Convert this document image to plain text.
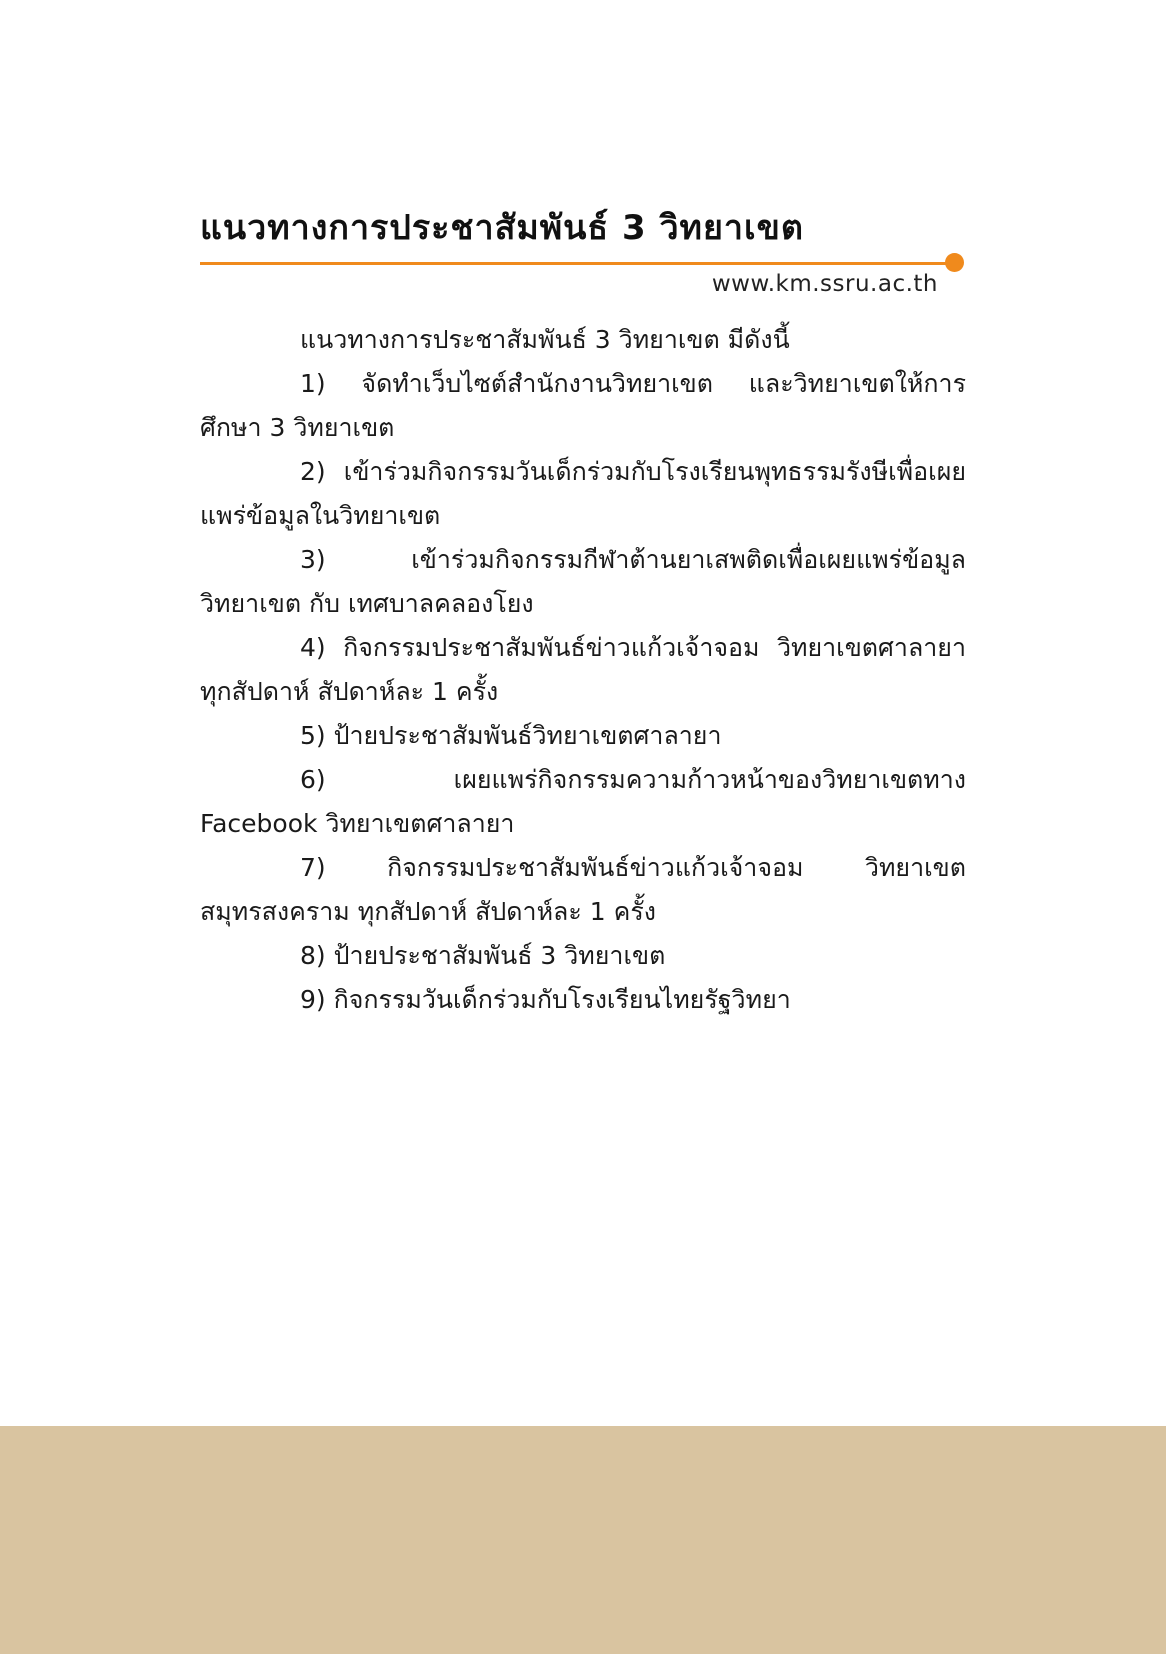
แนวทางการประชาสัมพันธ์ 3 วิทยาเขต
www.km.ssru.ac.th

แนวทางการประชาสัมพันธ์ 3 วิทยาเขต มีดังนี้

1) จัดทำเว็บไซต์สำนักงานวิทยาเขต และวิทยาเขตให้การศึกษา 3 วิทยาเขต

2) เข้าร่วมกิจกรรมวันเด็กร่วมกับโรงเรียนพุทธรรมรังษีเพื่อเผยแพร่ข้อมูลในวิทยาเขต

3) เข้าร่วมกิจกรรมกีฬาต้านยาเสพติดเพื่อเผยแพร่ข้อมูลวิทยาเขต กับ เทศบาลคลองโยง

4) กิจกรรมประชาสัมพันธ์ข่าวแก้วเจ้าจอม วิทยาเขตศาลายา ทุกสัปดาห์ สัปดาห์ละ 1 ครั้ง

5) ป้ายประชาสัมพันธ์วิทยาเขตศาลายา

6) เผยแพร่กิจกรรมความก้าวหน้าของวิทยาเขตทาง Facebook วิทยาเขตศาลายา

7) กิจกรรมประชาสัมพันธ์ข่าวแก้วเจ้าจอม วิทยาเขตสมุทรสงคราม ทุกสัปดาห์ สัปดาห์ละ 1 ครั้ง

8) ป้ายประชาสัมพันธ์ 3 วิทยาเขต

9) กิจกรรมวันเด็กร่วมกับโรงเรียนไทยรัฐวิทยา
